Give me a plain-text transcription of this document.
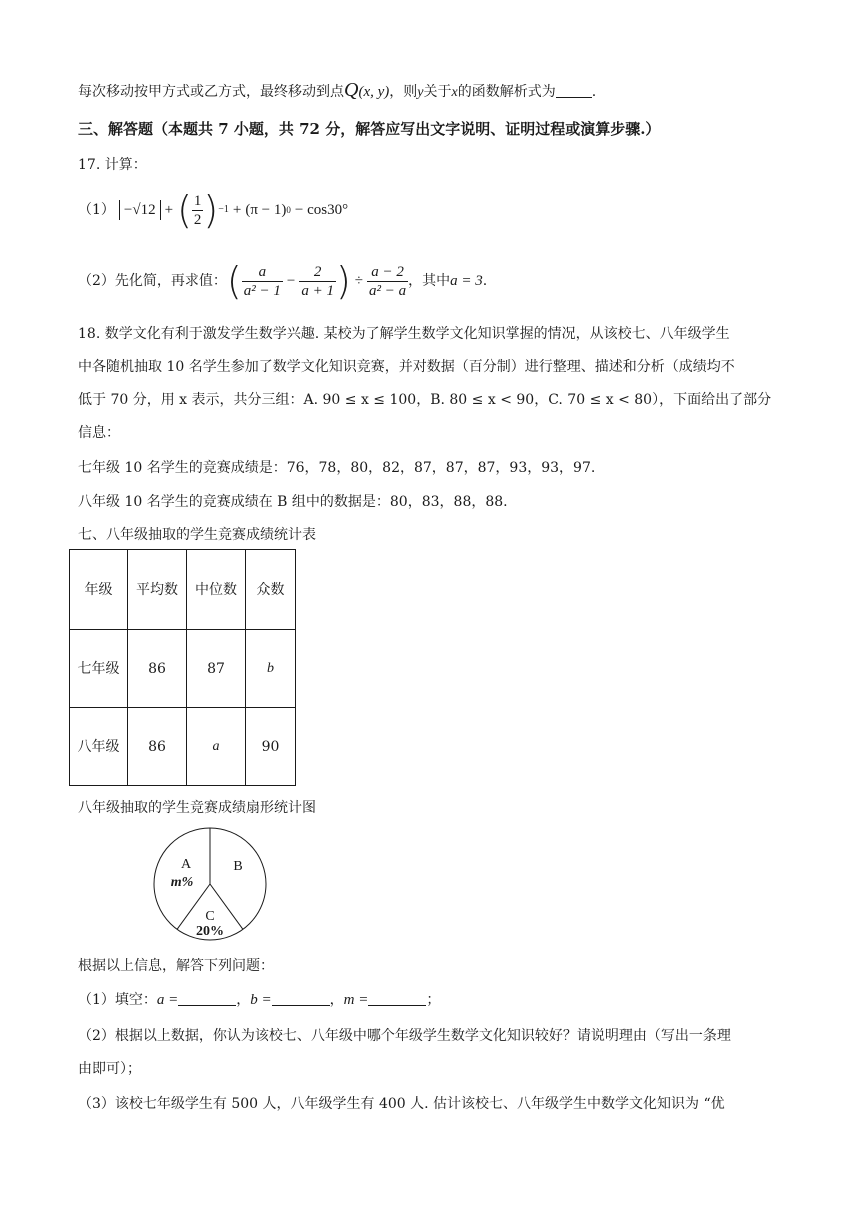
每次移动按甲方式或乙方式，最终移动到点Q(x, y)，则y关于x的函数解析式为	.
三、解答题（本题共 7 小题，共 72 分，解答应写出文字说明、证明过程或演算步骤.）
17. 计算：
（1） −√12 + ( $\frac{1}{2}$ ) −1 + (π − 1) 0 − cos30°
（2）先化简，再求值： ( $\frac{a}{\text{a² − 1}} - \frac{2}{a + 1}$ ) ÷ $\frac{a - 2}{\text{a² − a}}$ ，其中 a = 3 .
18. 数学文化有利于激发学生数学兴趣. 某校为了解学生数学文化知识掌握的情况，从该校七、八年级学生
中各随机抽取 10 名学生参加了数学文化知识竞赛，并对数据（百分制）进行整理、描述和分析（成绩均不
低于 70 分，用 x 表示，共分三组：A. 90 ≤ x ≤ 100，B. 80 ≤ x < 90，C. 70 ≤ x < 80），下面给出了部分
信息：
七年级 10 名学生的竞赛成绩是：76，78，80，82，87，87，87，93，93，97.
八年级 10 名学生的竞赛成绩在 B 组中的数据是：80，83，88，88.
七、八年级抽取的学生竞赛成绩统计表
年级	平均数	中位数	众数
七年级	86	87	b
八年级	86	a	90
八年级抽取的学生竞赛成绩扇形统计图
A
m%
B
C
20%
根据以上信息，解答下列问题：
（1）填空：a =	，b =	，m =	；
（2）根据以上数据，你认为该校七、八年级中哪个年级学生数学文化知识较好？请说明理由（写出一条理
由即可）；
（3）该校七年级学生有 500 人，八年级学生有 400 人. 估计该校七、八年级学生中数学文化知识为 “优
